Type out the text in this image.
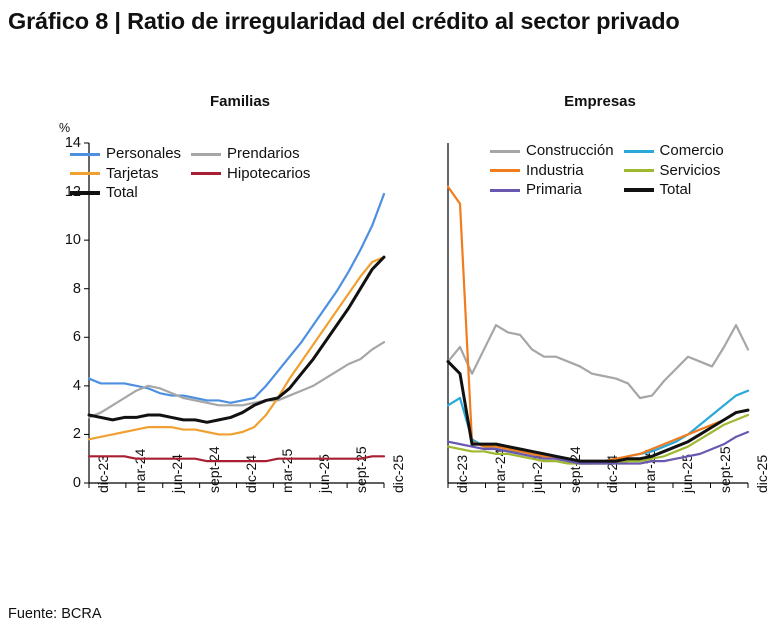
Gráfico 8 | Ratio de irregularidad del crédito al sector privado
Familias	Empresas
0
2
4
6
8
10
12
14
%
dic-23 mar-24 jun-24 sept-24 dic-24 mar-25 jun-25 sept-25 dic-25	dic-23 mar-24 jun-24 sept-24 dic-24 mar-25 jun-25 sept-25 dic-25
Personales	Prendarios
Tarjetas	Hipotecarios
Total
Construcción	Comercio
Industria	Servicios
Primaria	Total
Fuente: BCRA
